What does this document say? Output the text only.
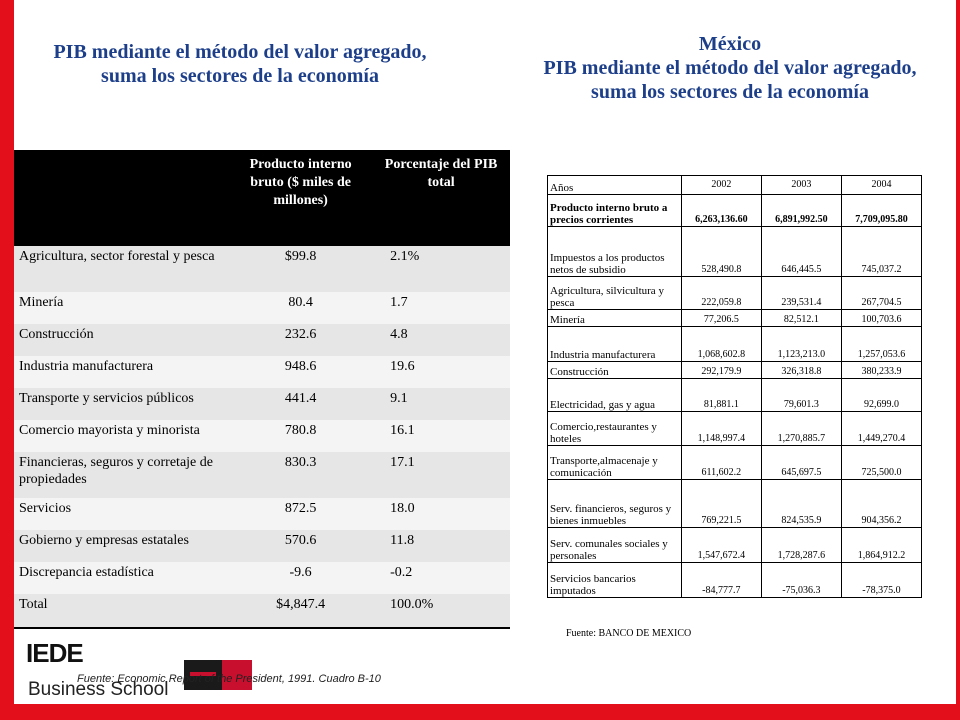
PIB mediante el método del valor agregado,
suma los sectores de la economía
México
PIB mediante el método del valor agregado,
suma los sectores de la economía
	Producto interno bruto ($ miles de millones)	Porcentaje del PIB total
Agricultura, sector forestal y pesca	$99.8	2.1%
Minería	80.4	1.7
Construcción	232.6	4.8
Industria manufacturera	948.6	19.6
Transporte y servicios públicos	441.4	9.1
Comercio mayorista y minorista	780.8	16.1
Financieras, seguros y corretaje de propiedades	830.3	17.1
Servicios	872.5	18.0
Gobierno y empresas estatales	570.6	11.8
Discrepancia estadística	-9.6	-0.2
Total	$4,847.4	100.0%
Años	2002	2003	2004
Producto interno bruto a precios corrientes	6,263,136.60	6,891,992.50	7,709,095.80
Impuestos a los productos netos de subsidio	528,490.8	646,445.5	745,037.2
Agricultura, silvicultura y pesca	222,059.8	239,531.4	267,704.5
Minería	77,206.5	82,512.1	100,703.6
Industria manufacturera	1,068,602.8	1,123,213.0	1,257,053.6
Construcción	292,179.9	326,318.8	380,233.9
Electricidad, gas y agua	81,881.1	79,601.3	92,699.0
Comercio,restaurantes y hoteles	1,148,997.4	1,270,885.7	1,449,270.4
Transporte,almacenaje y comunicación	611,602.2	645,697.5	725,500.0
Serv. financieros, seguros y bienes inmuebles	769,221.5	824,535.9	904,356.2
Serv. comunales sociales y personales	1,547,672.4	1,728,287.6	1,864,912.2
Servicios bancarios imputados	-84,777.7	-75,036.3	-78,375.0
Fuente: BANCO DE MEXICO
IEDE
Business School
Fuente: Economic Report of the President, 1991. Cuadro B-10
